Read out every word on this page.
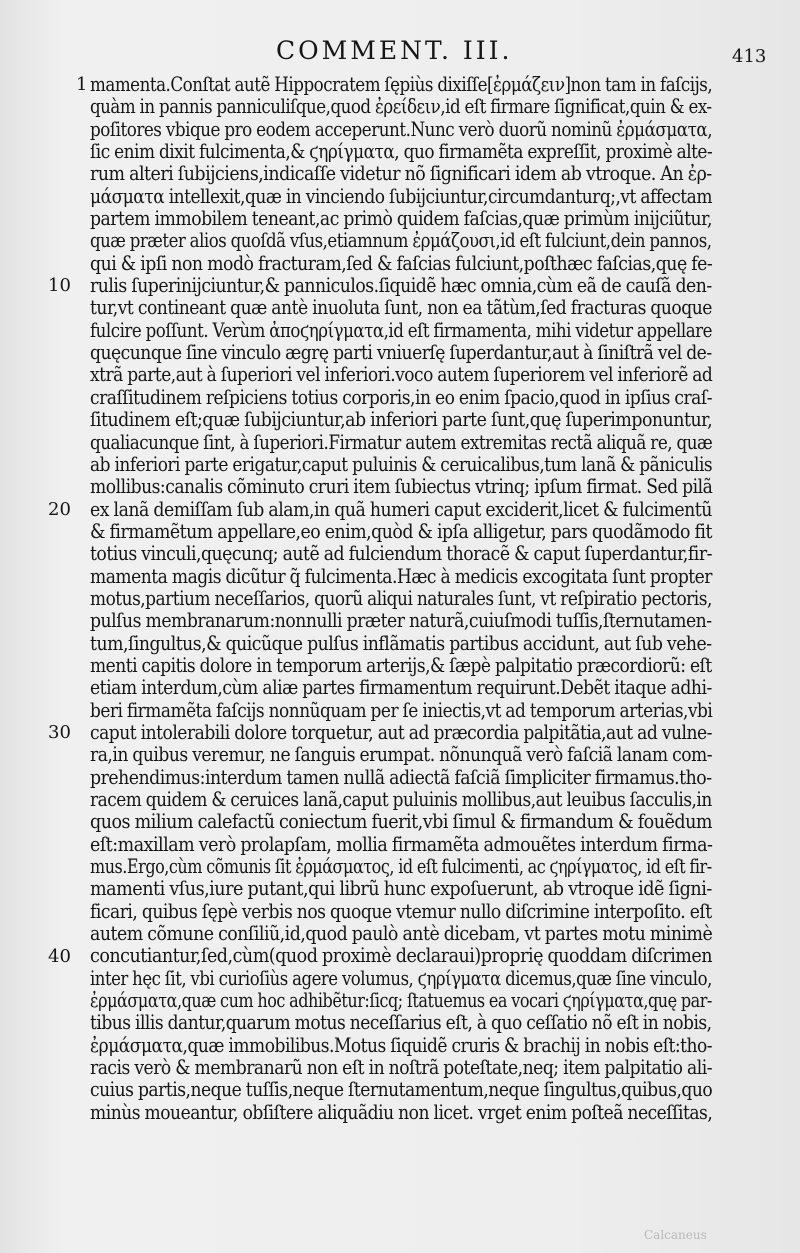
COMMENT. III.	413
1
10
20
30
40
mamenta.Conſtat autẽ Hippocratem ſępiùs dixiſſe[ἐρμάζειν]non tam in faſcijs,
quàm in pannis panniculiſque,quod ἐρείδειν,id eſt firmare ſignificat,quin & ex-
poſitores vbique pro eodem acceperunt.Nunc verò duorũ nominũ ἐρμάσματα,
ſic enim dixit fulcimenta,& ϛηρίγματα, quo firmamẽta expreſſit, proximè alte-
rum alteri ſubijciens,indicaſſe videtur nõ ſignificari idem ab vtroque. An ἐρ-
μάσματα intellexit,quæ in vinciendo ſubijciuntur,circumdanturq;,vt affectam
partem immobilem teneant,ac primò quidem faſcias,quæ primùm inijciũtur,
quæ præter alios quoſdã vſus,etiamnum ἐρμάζουσι,id eſt fulciunt,dein pannos,
qui & ipſi non modò fracturam,ſed & faſcias fulciunt,poſthæc faſcias,quę fe-
rulis ſuperinijciuntur,& panniculos.ſiquidẽ hæc omnia,cùm eã de cauſã den-
tur,vt contineant quæ antè inuoluta ſunt, non ea tãtùm,ſed fracturas quoque
fulcire poſſunt. Verùm ἀποϛηρίγματα,id eſt firmamenta, mihi videtur appellare
quęcunque ſine vinculo ægrę parti vniuerſę ſuperdantur,aut à ſiniſtrã vel de-
xtrã parte,aut à ſuperiori vel inferiori.voco autem ſuperiorem vel inferiorẽ ad
craſſitudinem reſpiciens totius corporis,in eo enim ſpacio,quod in ipſius craſ-
ſitudinem eſt;quæ ſubijciuntur,ab inferiori parte ſunt,quę ſuperimponuntur,
qualiacunque ſint, à ſuperiori.Firmatur autem extremitas rectã aliquã re, quæ
ab inferiori parte erigatur,caput puluinis & ceruicalibus,tum lanã & pãniculis
mollibus:canalis cõminuto cruri item ſubiectus vtrinq; ipſum firmat. Sed pilã
ex lanã demiſſam ſub alam,in quã humeri caput exciderit,licet & fulcimentũ
& firmamẽtum appellare,eo enim,quòd & ipſa alligetur, pars quodãmodo fit
totius vinculi,quęcunq; autẽ ad fulciendum thoracẽ & caput ſuperdantur,fir-
mamenta magis dicũtur q̃ fulcimenta.Hæc à medicis excogitata ſunt propter
motus,partium neceſſarios, quorũ aliqui naturales ſunt, vt reſpiratio pectoris,
pulſus membranarum:nonnulli præter naturã,cuiuſmodi tuſſis,ſternutamen-
tum,ſingultus,& quicũque pulſus inflãmatis partibus accidunt, aut ſub vehe-
menti capitis dolore in temporum arterijs,& ſæpè palpitatio præcordiorũ: eſt
etiam interdum,cùm aliæ partes firmamentum requirunt.Debẽt itaque adhi-
beri firmamẽta faſcijs nonnũquam per ſe iniectis,vt ad temporum arterias,vbi
caput intolerabili dolore torquetur, aut ad præcordia palpitãtia,aut ad vulne-
ra,in quibus veremur, ne ſanguis erumpat. nõnunquã verò faſciã lanam com-
prehendimus:interdum tamen nullã adiectã faſciã ſimpliciter firmamus.tho-
racem quidem & ceruices lanã,caput puluinis mollibus,aut leuibus ſacculis,in
quos milium calefactũ coniectum fuerit,vbi ſimul & firmandum & fouẽdum
eſt:maxillam verò prolapſam, mollia firmamẽta admouẽtes interdum firma-
mus.Ergo,cùm cõmunis ſit ἐρμάσματος, id eſt fulcimenti, ac ϛηρίγματος, id eſt fir-
mamenti vſus,iure putant,qui librũ hunc expoſuerunt, ab vtroque idẽ ſigni-
ficari, quibus ſępè verbis nos quoque vtemur nullo diſcrimine interpoſito. eſt
autem cõmune conſiliũ,id,quod paulò antè dicebam, vt partes motu minimè
concutiantur,ſed,cùm(quod proximè declaraui)proprię quoddam diſcrimen
inter hęc ſit, vbi curioſiùs agere volumus, ϛηρίγματα dicemus,quæ ſine vinculo,
ἐρμάσματα,quæ cum hoc adhibẽtur:ſicq; ſtatuemus ea vocari ϛηρίγματα,quę par-
tibus illis dantur,quarum motus neceſſarius eſt, à quo ceſſatio nõ eſt in nobis,
ἐρμάσματα,quæ immobilibus.Motus ſiquidẽ cruris & brachij in nobis eſt:tho-
racis verò & membranarũ non eſt in noſtrã poteſtate,neq; item palpitatio ali-
cuius partis,neque tuſſis,neque ſternutamentum,neque ſingultus,quibus,quo
minùs moueantur, obſiſtere aliquãdiu non licet. vrget enim poſteã neceſſitas,
Calcaneus
